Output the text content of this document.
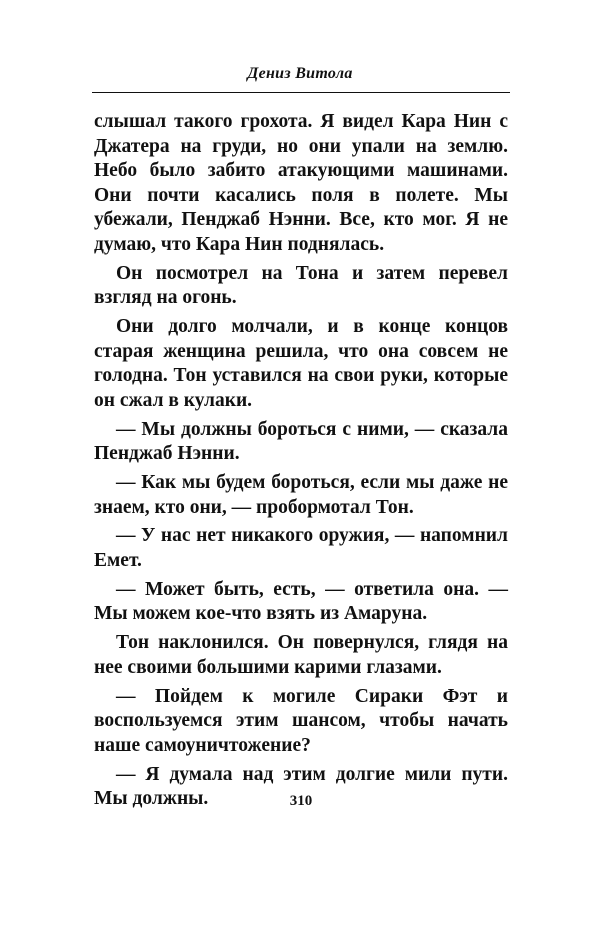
Дениз Витола

слышал такого грохота. Я видел Кара Нин с Джатера на груди, но они упали на землю. Небо было забито атакующими машинами. Они почти касались поля в полете. Мы убежали, Пенджаб Нэнни. Все, кто мог. Я не думаю, что Кара Нин поднялась.

Он посмотрел на Тона и затем перевел взгляд на огонь.

Они долго молчали, и в конце концов старая женщина решила, что она совсем не голодна. Тон уставился на свои руки, которые он сжал в кулаки.

— Мы должны бороться с ними, — сказала Пенджаб Нэнни.

— Как мы будем бороться, если мы даже не знаем, кто они, — пробормотал Тон.

— У нас нет никакого оружия, — напомнил Емет.

— Может быть, есть, — ответила она. — Мы можем кое-что взять из Амаруна.

Тон наклонился. Он повернулся, глядя на нее своими большими карими глазами.

— Пойдем к могиле Сираки Фэт и воспользуемся этим шансом, чтобы начать наше самоуничтожение?

— Я думала над этим долгие мили пути. Мы должны.	310
